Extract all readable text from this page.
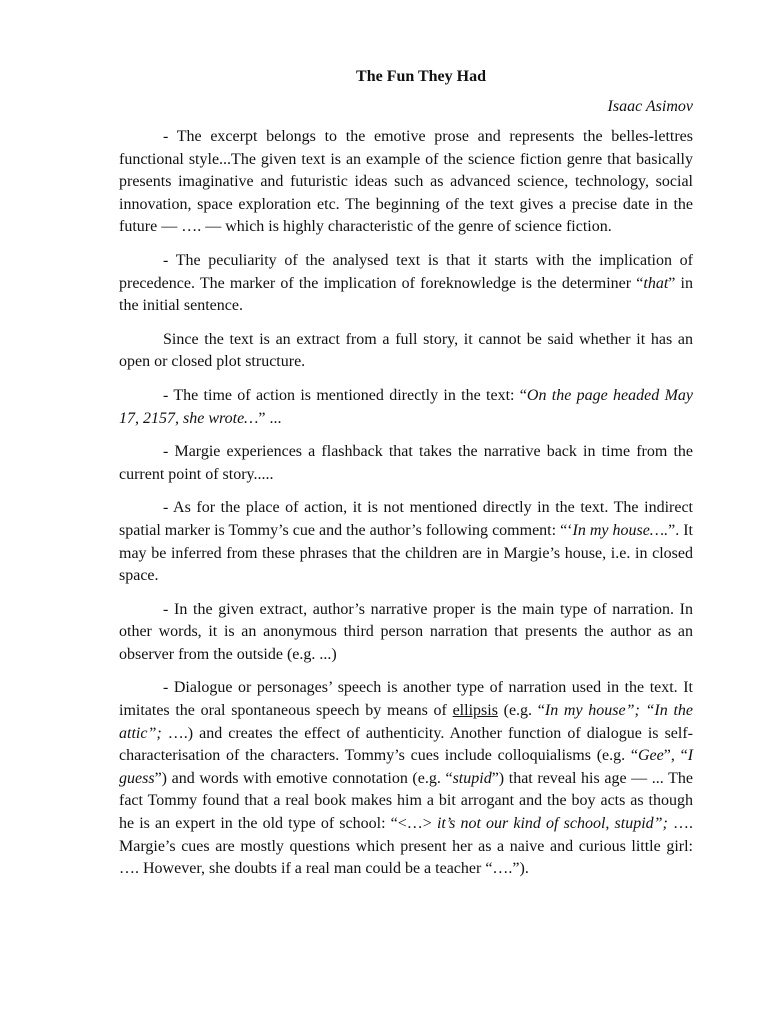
The Fun They Had
Isaac Asimov

- The excerpt belongs to the emotive prose and represents the belles-lettres functional style...The given text is an example of the science fiction genre that basically presents imaginative and futuristic ideas such as advanced science, technology, social innovation, space exploration etc. The beginning of the text gives a precise date in the future — …. — which is highly characteristic of the genre of science fiction.

- The peculiarity of the analysed text is that it starts with the implication of precedence. The marker of the implication of foreknowledge is the determiner “that” in the initial sentence.

Since the text is an extract from a full story, it cannot be said whether it has an open or closed plot structure.

- The time of action is mentioned directly in the text: “On the page headed May 17, 2157, she wrote…” ...

- Margie experiences a flashback that takes the narrative back in time from the current point of story.....

- As for the place of action, it is not mentioned directly in the text. The indirect spatial marker is Tommy’s cue and the author’s following comment: “‘In my house….”. It may be inferred from these phrases that the children are in Margie’s house, i.e. in closed space.

- In the given extract, author’s narrative proper is the main type of narration. In other words, it is an anonymous third person narration that presents the author as an observer from the outside (e.g. ...)

- Dialogue or personages’ speech is another type of narration used in the text. It imitates the oral spontaneous speech by means of ellipsis (e.g. “In my house”; “In the attic”; ….) and creates the effect of authenticity. Another function of dialogue is self-characterisation of the characters. Tommy’s cues include colloquialisms (e.g. “Gee”, “I guess”) and words with emotive connotation (e.g. “stupid”) that reveal his age — ... The fact Tommy found that a real book makes him a bit arrogant and the boy acts as though he is an expert in the old type of school: “<…> it’s not our kind of school, stupid”; …. Margie’s cues are mostly questions which present her as a naive and curious little girl: …. However, she doubts if a real man could be a teacher “….”).
